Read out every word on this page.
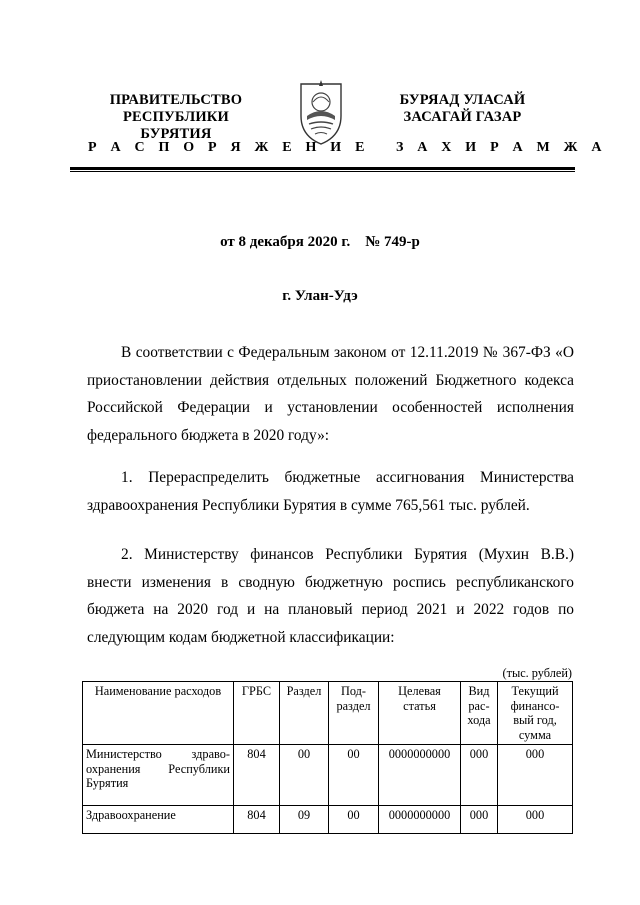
ПРАВИТЕЛЬСТВО
РЕСПУБЛИКИ БУРЯТИЯ
БУРЯАД УЛАСАЙ
ЗАСАГАЙ ГАЗАР
Р А С П О Р Я Ж Е Н И Е З А Х И Р А М Ж А
от 8 декабря 2020 г.    № 749-р
г. Улан-Удэ
В соответствии с Федеральным законом от 12.11.2019 № 367-ФЗ «О приостановлении действия отдельных положений Бюджетного кодекса Российской Федерации и установлении особенностей исполнения федерального бюджета в 2020 году»:
1. Перераспределить бюджетные ассигнования Министерства здравоохранения Республики Бурятия в сумме 765,561 тыс. рублей.
2. Министерству финансов Республики Бурятия (Мухин В.В.) внести изменения в сводную бюджетную роспись республиканского бюджета на 2020 год и на плановый период 2021 и 2022 годов по следующим кодам бюджетной классификации:
(тыс. рублей)
Наименование расходов	ГРБС	Раздел	Под-раздел	Целевая статья	Вид рас-хода	Текущий финансо-вый год, сумма
Министерство здраво-охранения Республики Бурятия	804	00	00	0000000000	000	000
Здравоохранение	804	09	00	0000000000	000	000
